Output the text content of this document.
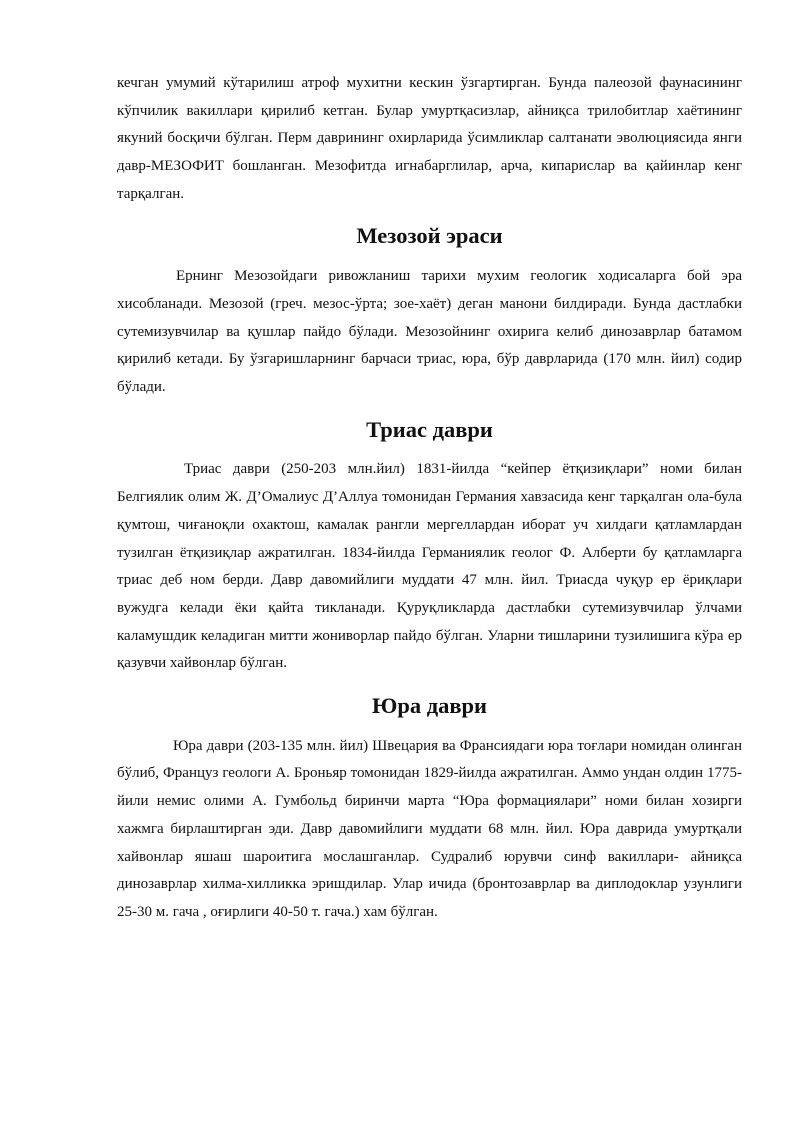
кечган умумий кўтарилиш атроф мухитни кескин ўзгартирган. Бунда палеозой фаунасининг кўпчилик вакиллари қирилиб кетган. Булар умуртқасизлар, айниқса трилобитлар хаётининг якуний босқичи бўлган. Перм даврининг охирларида ўсимликлар салтанати эволюциясида янги давр-МЕЗОФИТ бошланган. Мезофитда игнабарглилар, арча, кипарислар ва қайинлар кенг тарқалган.

Мезозой эраси

Ернинг Мезозойдаги ривожланиш тарихи мухим геологик ходисаларга бой эра хисобланади. Мезозой (греч. мезос-ўрта; зое-хаёт) деган манони билдиради. Бунда дастлабки сутемизувчилар ва қушлар пайдо бўлади. Мезозойнинг охирига келиб динозаврлар батамом қирилиб кетади. Бу ўзгаришларнинг барчаси триас, юра, бўр даврларида (170 млн. йил) содир бўлади.

Триас даври

Триас даври (250-203 млн.йил) 1831-йилда “кейпер ётқизиқлари” номи билан Белгиялик олим Ж. Д’Омалиус Д’Аллуа томонидан Германия хавзасида кенг тарқалган ола-була қумтош, чиғаноқли охактош, камалак рангли мергеллардан иборат уч хилдаги қатламлардан тузилган ётқизиқлар ажратилган. 1834-йилда Германиялик геолог Ф. Алберти бу қатламларга триас деб ном берди. Давр давомийлиги муддати 47 млн. йил. Триасда чуқур ер ёриқлари вужудга келади ёки қайта тикланади. Қуруқликларда дастлабки сутемизувчилар ўлчами каламушдик келадиган митти жониворлар пайдо бўлган. Уларни тишларини тузилишига кўра ер қазувчи хайвонлар бўлган.

Юра даври

Юра даври (203-135 млн. йил) Швецария ва Франсиядаги юра тоғлари номидан олинган бўлиб, Француз геологи А. Броньяр томонидан 1829-йилда ажратилган. Аммо ундан олдин 1775-йили немис олими А. Гумбольд биринчи марта “Юра формациялари” номи билан хозирги хажмга бирлаштирган эди. Давр давомийлиги муддати 68 млн. йил. Юра даврида умуртқали хайвонлар яшаш шароитига мослашганлар. Судралиб юрувчи синф вакиллари- айниқса динозаврлар хилма-хилликка эришдилар. Улар ичида (бронтозаврлар ва диплодоклар узунлиги 25-30 м. гача , оғирлиги 40-50 т. гача.) хам бўлган.
